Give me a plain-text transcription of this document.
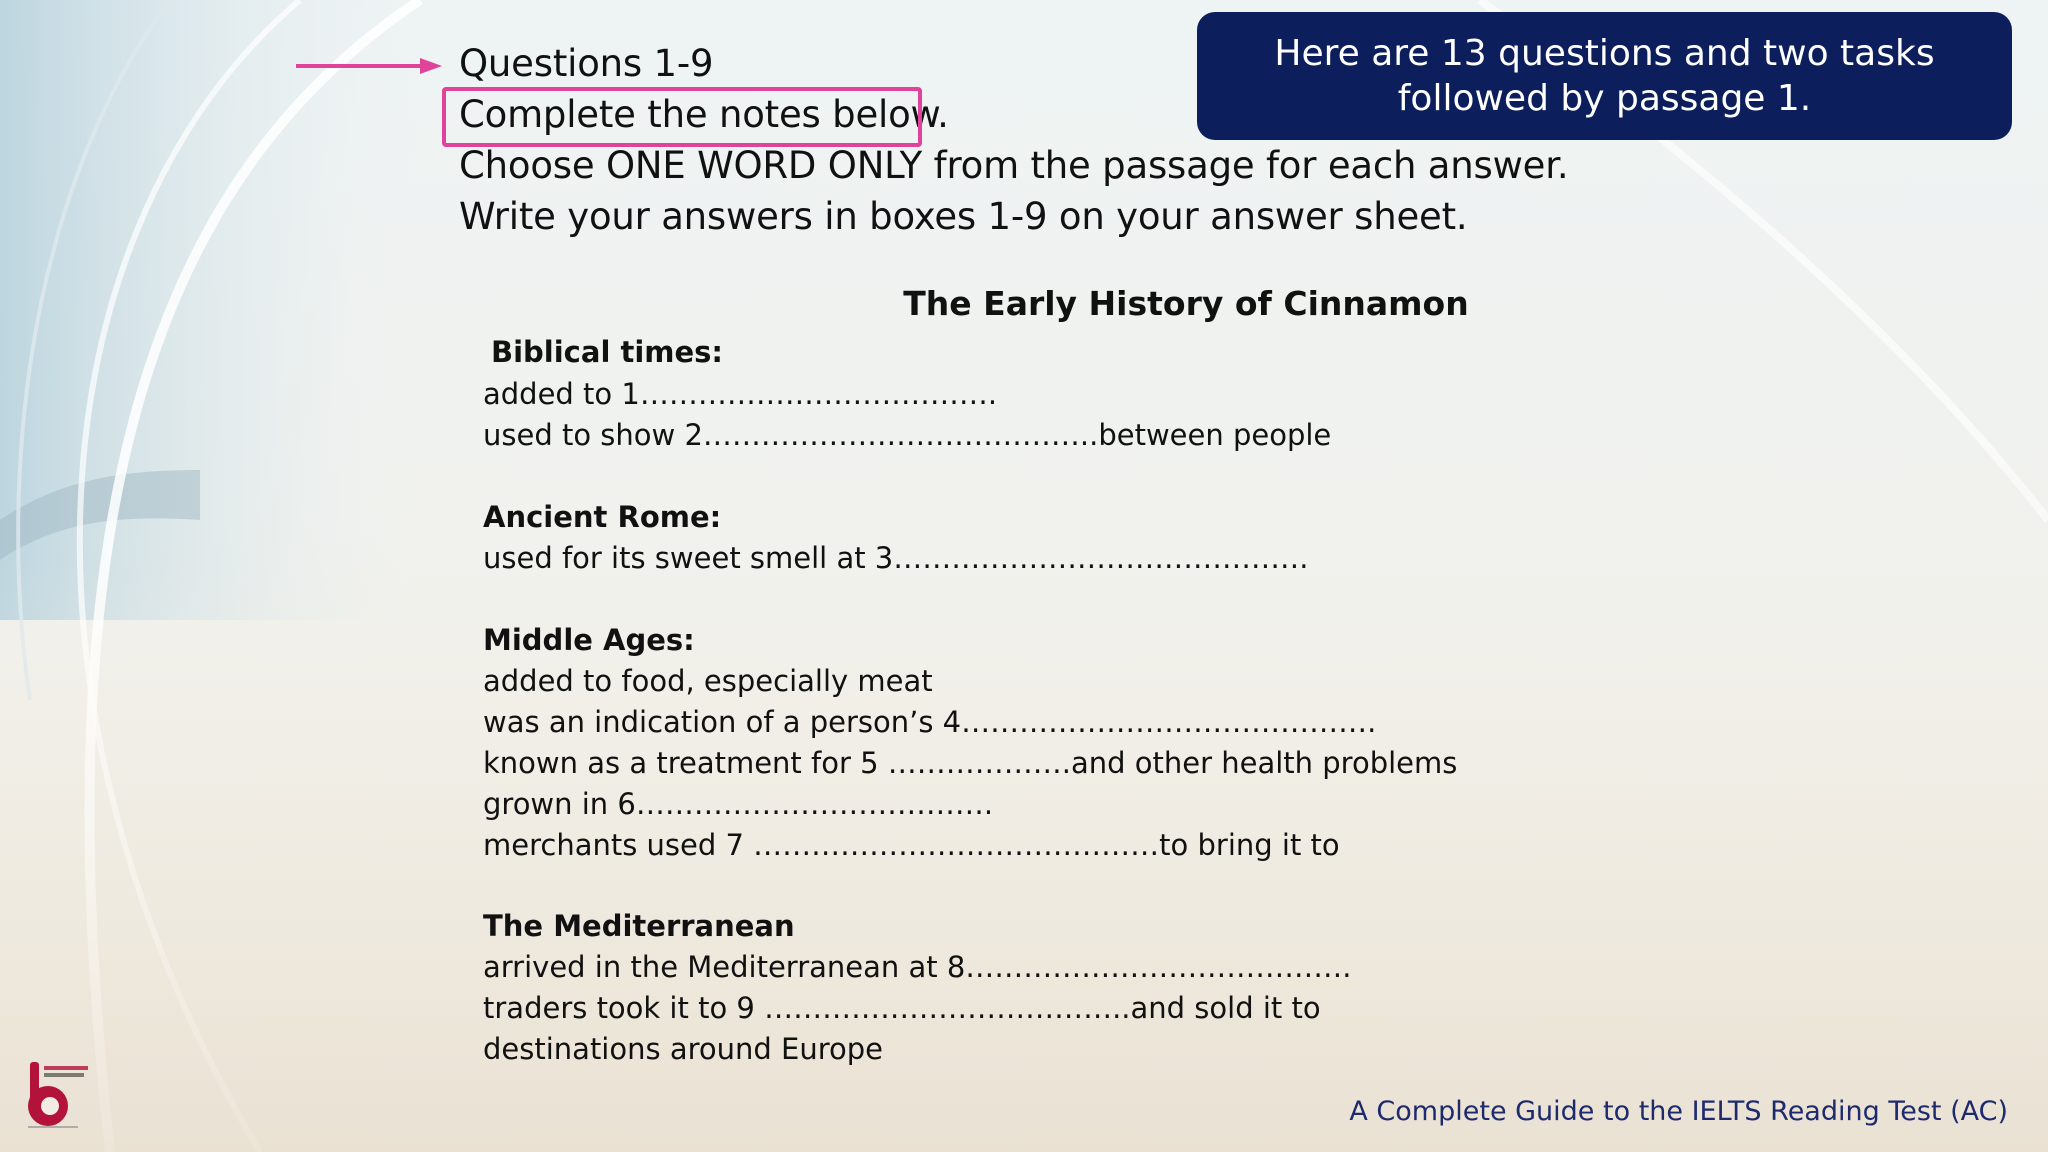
Questions 1-9
Complete the notes below.
Choose ONE WORD ONLY from the passage for each answer.
Write your answers in boxes 1-9 on your answer sheet.
Here are 13 questions and two tasks followed by passage 1.
The Early History of Cinnamon
Biblical times:
added to 1……………………………….
used to show 2…………………………………..between people
Ancient Rome:
used for its sweet smell at 3…………………………………….
Middle Ages:
added to food, especially meat
was an indication of a person’s 4…………………………………….
known as a treatment for 5 ……………….and other health problems
grown in 6……………………………….
merchants used 7 ……………………………………to bring it to
The Mediterranean
arrived in the Mediterranean at 8………………………………….
traders took it to 9 ………………………………..and sold it to
destinations around Europe
A Complete Guide to the IELTS Reading Test (AC)
